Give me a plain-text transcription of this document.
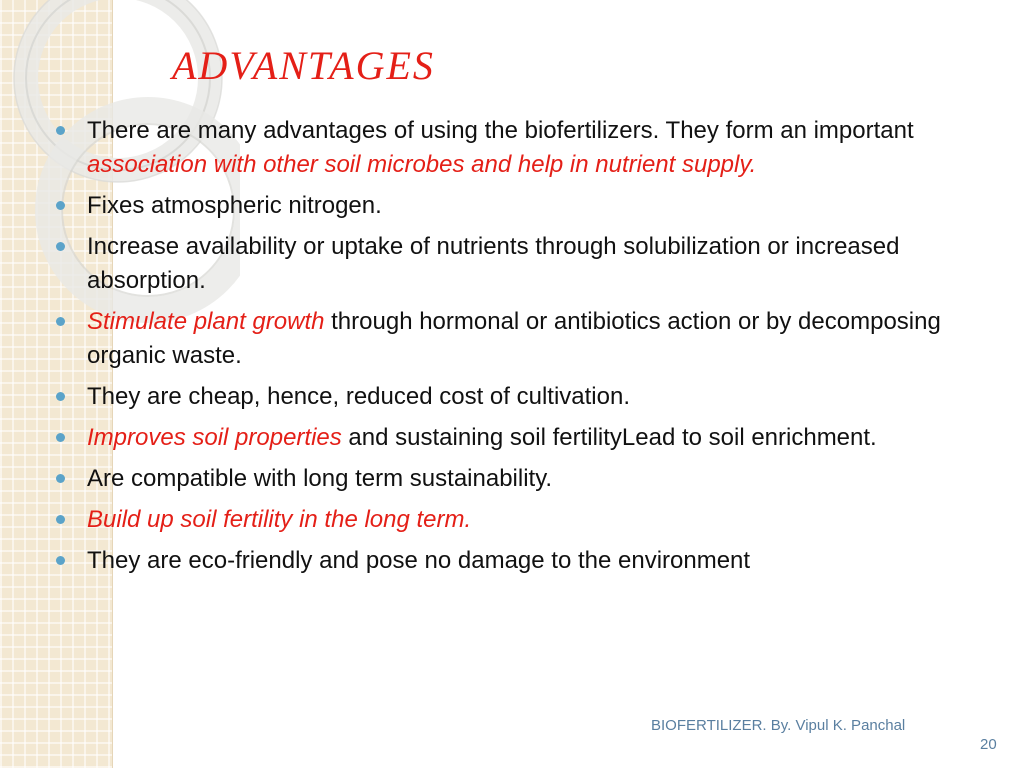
ADVANTAGES
There are many advantages of using the biofertilizers. They form an important association with other soil microbes and help in nutrient supply.
Fixes atmospheric nitrogen.
Increase availability or uptake of nutrients through solubilization or increased absorption.
Stimulate plant growth through hormonal or antibiotics action or by decomposing organic waste.
They are cheap, hence, reduced cost of cultivation.
Improves soil properties and sustaining soil fertilityLead to soil enrichment.
Are compatible with long term sustainability.
Build up soil fertility in the long term.
They are eco-friendly and pose no damage to the environment
BIOFERTILIZER. By. Vipul K. Panchal
20
